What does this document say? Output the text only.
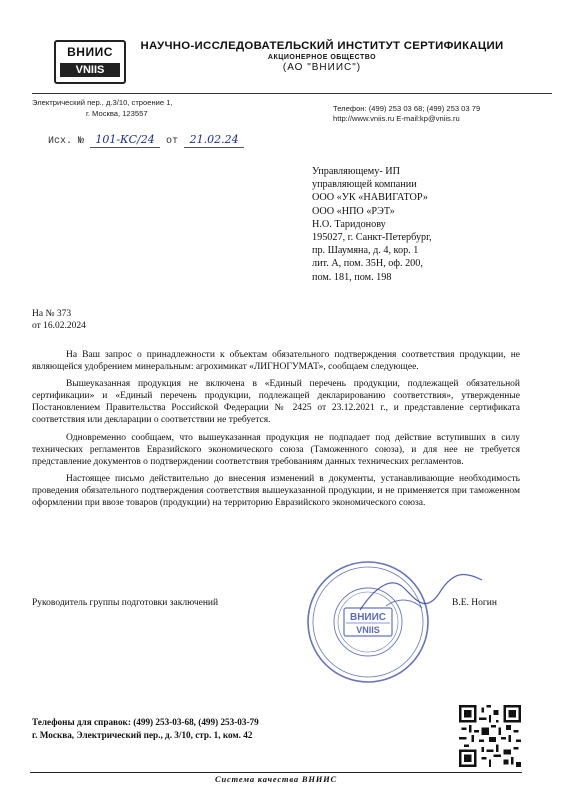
ВНИИС
VNIIS
НАУЧНО-ИССЛЕДОВАТЕЛЬСКИЙ ИНСТИТУТ СЕРТИФИКАЦИИ
АКЦИОНЕРНОЕ ОБЩЕСТВО
(АО "ВНИИС")
Электрический пер., д.3/10, строение 1,
г. Москва, 123557
Телефон: (499) 253 03 68; (499) 253 03 79
http://www.vniis.ru E-mail:kp@vniis.ru
Исх. № 101-КС/24 от 21.02.24
Управляющему- ИП
управляющей компании
ООО «УК «НАВИГАТОР»
ООО «НПО «РЭТ»
Н.О. Таридонову
195027, г. Санкт-Петербург,
пр. Шаумяна, д. 4, кор. 1
лит. А, пом. 35Н, оф. 200,
пом. 181, пом. 198
На № 373
от 16.02.2024

На Ваш запрос о принадлежности к объектам обязательного подтверждения соответствия продукции, не являющейся удобрением минеральным: агрохимикат «ЛИГНОГУМАТ», сообщаем следующее.

Вышеуказанная продукция не включена в «Единый перечень продукции, подлежащей обязательной сертификации» и «Единый перечень продукции, подлежащей декларированию соответствия», утвержденные Постановлением Правительства Российской Федерации № 2425 от 23.12.2021 г., и представление сертификата соответствия или декларации о соответствии не требуется.

Одновременно сообщаем, что вышеуказанная продукция не подпадает под действие вступивших в силу технических регламентов Евразийского экономического союза (Таможенного союза), и для нее не требуется представление документов о подтверждении соответствия требованиям данных технических регламентов.

Настоящее письмо действительно до внесения изменений в документы, устанавливающие необходимость проведения обязательного подтверждения соответствия вышеуказанной продукции, и не применяется при таможенном оформлении при ввозе товаров (продукции) на территорию Евразийского экономического союза.

ВНИИС
VNIIS
Руководитель группы подготовки заключений	В.Е. Ногин
Телефоны для справок: (499) 253-03-68, (499) 253-03-79
г. Москва, Электрический пер., д. 3/10, стр. 1, ком. 42
Система качества ВНИИС
